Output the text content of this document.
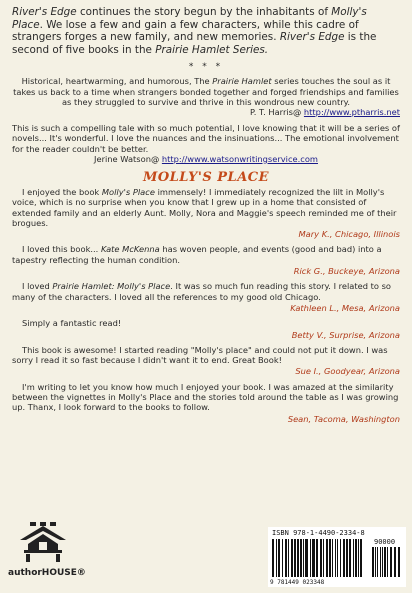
River's Edge continues the story begun by the inhabitants of Molly's Place. We lose a few and gain a few characters, while this cadre of strangers forges a new family, and new memories. River's Edge is the second of five books in the Prairie Hamlet Series.

* * *

Historical, heartwarming, and humorous, The Prairie Hamlet series touches the soul as it takes us back to a time when strangers bonded together and forged friendships and families as they struggled to survive and thrive in this wondrous new country.

P. T. Harris@ http://www.ptharris.net

This is such a compelling tale with so much potential, I love knowing that it will be a series of novels... It's wonderful. I love the nuances and the insinuations... The emotional involvement for the reader couldn't be better.

Jerine Watson@ http://www.watsonwritingservice.com

MOLLY'S PLACE

I enjoyed the book Molly's Place immensely! I immediately recognized the lilt in Molly's voice, which is no surprise when you know that I grew up in a home that consisted of extended family and an elderly Aunt. Molly, Nora and Maggie's speech reminded me of their brogues.

Mary K., Chicago, Illinois

I loved this book... Kate McKenna has woven people, and events (good and bad) into a tapestry reflecting the human condition.

Rick G., Buckeye, Arizona

I loved Prairie Hamlet: Molly's Place. It was so much fun reading this story. I related to so many of the characters. I loved all the references to my good old Chicago.

Kathleen L., Mesa, Arizona

Simply a fantastic read!

Betty V., Surprise, Arizona

This book is awesome! I started reading "Molly's place" and could not put it down. I was sorry I read it so fast because I didn't want it to end. Great Book!

Sue I., Goodyear, Arizona

I'm writing to let you know how much I enjoyed your book. I was amazed at the similarity between the vignettes in Molly's Place and the stories told around the table as I was growing up. Thanx, I look forward to the books to follow.

Sean, Tacoma, Washington

authorHOUSE®
ISBN 978-1-4490-2334-8
90000
9 781449 023348
